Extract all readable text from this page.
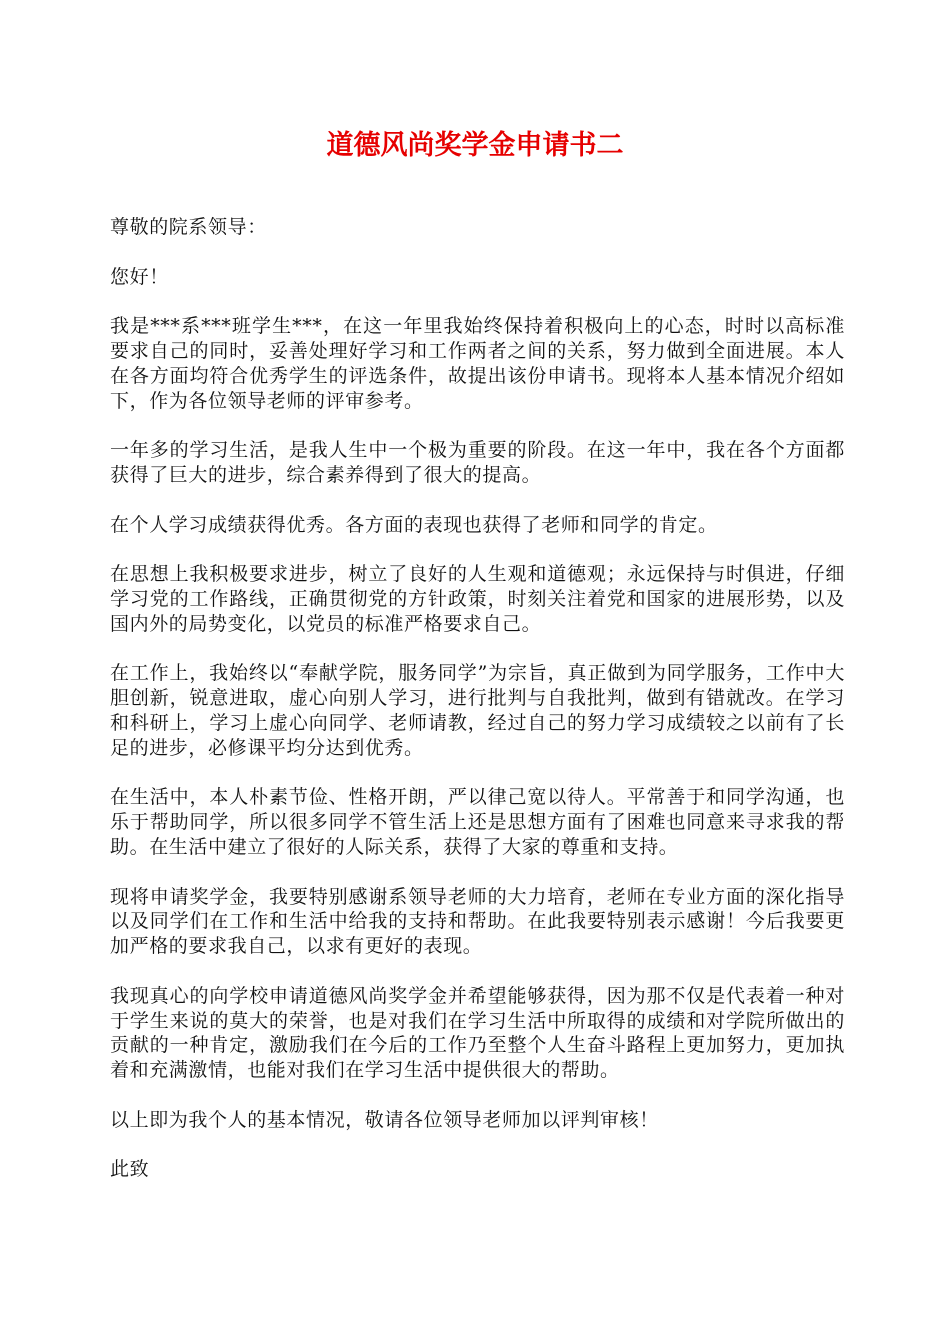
道德风尚奖学金申请书二

尊敬的院系领导：

您好！

我是***系***班学生***，在这一年里我始终保持着积极向上的心态，时时以高标准要求自己的同时，妥善处理好学习和工作两者之间的关系，努力做到全面进展。本人在各方面均符合优秀学生的评选条件，故提出该份申请书。现将本人基本情况介绍如下，作为各位领导老师的评审参考。

一年多的学习生活，是我人生中一个极为重要的阶段。在这一年中，我在各个方面都获得了巨大的进步，综合素养得到了很大的提高。

在个人学习成绩获得优秀。各方面的表现也获得了老师和同学的肯定。

在思想上我积极要求进步，树立了良好的人生观和道德观；永远保持与时俱进，仔细学习党的工作路线，正确贯彻党的方针政策，时刻关注着党和国家的进展形势，以及国内外的局势变化，以党员的标准严格要求自己。

在工作上，我始终以“奉献学院，服务同学”为宗旨，真正做到为同学服务，工作中大胆创新，锐意进取，虚心向别人学习，进行批判与自我批判，做到有错就改。在学习和科研上，学习上虚心向同学、老师请教，经过自己的努力学习成绩较之以前有了长足的进步，必修课平均分达到优秀。

在生活中，本人朴素节俭、性格开朗，严以律己宽以待人。平常善于和同学沟通，也乐于帮助同学，所以很多同学不管生活上还是思想方面有了困难也同意来寻求我的帮助。在生活中建立了很好的人际关系，获得了大家的尊重和支持。

现将申请奖学金，我要特别感谢系领导老师的大力培育，老师在专业方面的深化指导以及同学们在工作和生活中给我的支持和帮助。在此我要特别表示感谢！今后我要更加严格的要求我自己，以求有更好的表现。

我现真心的向学校申请道德风尚奖学金并希望能够获得，因为那不仅是代表着一种对于学生来说的莫大的荣誉，也是对我们在学习生活中所取得的成绩和对学院所做出的贡献的一种肯定，激励我们在今后的工作乃至整个人生奋斗路程上更加努力，更加执着和充满激情，也能对我们在学习生活中提供很大的帮助。

以上即为我个人的基本情况，敬请各位领导老师加以评判审核！

此致
